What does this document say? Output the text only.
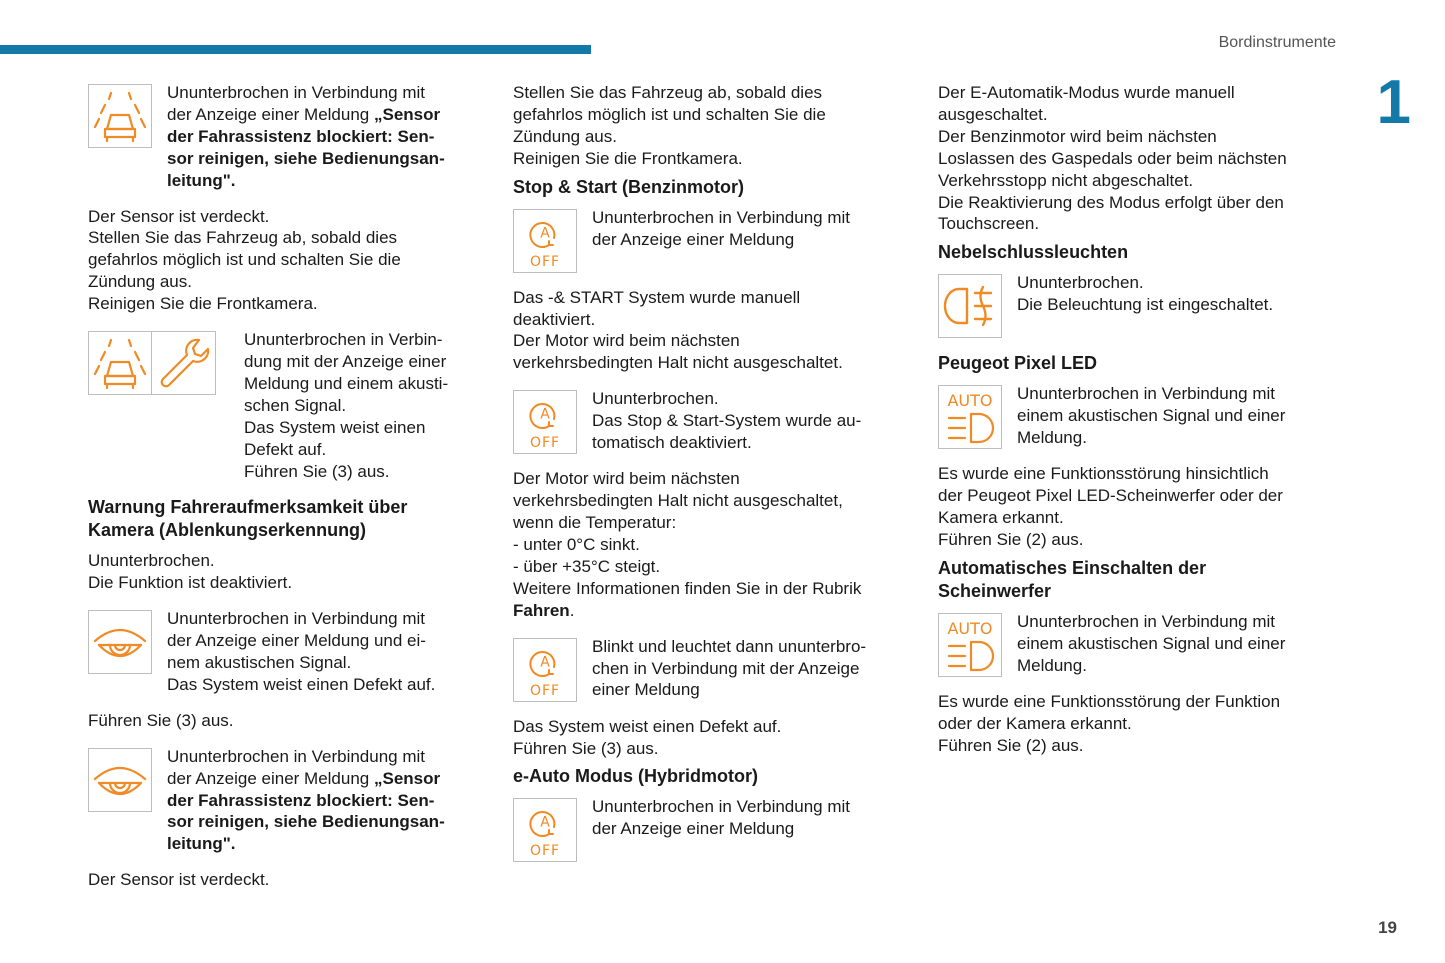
Bordinstrumente
1
19
Ununterbrochen in Verbindung mit
der Anzeige einer Meldung „Sensor
der Fahrassistenz blockiert: Sen-
sor reinigen, siehe Bedienungsan-
leitung".
Der Sensor ist verdeckt.
Stellen Sie das Fahrzeug ab, sobald dies
gefahrlos möglich ist und schalten Sie die
Zündung aus.
Reinigen Sie die Frontkamera.
Ununterbrochen in Verbin-
dung mit der Anzeige einer
Meldung und einem akusti-
schen Signal.
Das System weist einen
Defekt auf.
Führen Sie (3) aus.
Warnung Fahreraufmerksamkeit über
Kamera (Ablenkungserkennung)
Ununterbrochen.
Die Funktion ist deaktiviert.
Ununterbrochen in Verbindung mit
der Anzeige einer Meldung und ei-
nem akustischen Signal.
Das System weist einen Defekt auf.
Führen Sie (3) aus.
Ununterbrochen in Verbindung mit
der Anzeige einer Meldung „Sensor
der Fahrassistenz blockiert: Sen-
sor reinigen, siehe Bedienungsan-
leitung".
Der Sensor ist verdeckt.
Stellen Sie das Fahrzeug ab, sobald dies
gefahrlos möglich ist und schalten Sie die
Zündung aus.
Reinigen Sie die Frontkamera.
Stop & Start (Benzinmotor)
A
OFF
Ununterbrochen in Verbindung mit
der Anzeige einer Meldung
Das -& START System wurde manuell
deaktiviert.
Der Motor wird beim nächsten
verkehrsbedingten Halt nicht ausgeschaltet.
A
OFF
Ununterbrochen.
Das Stop & Start-System wurde au-
tomatisch deaktiviert.
Der Motor wird beim nächsten
verkehrsbedingten Halt nicht ausgeschaltet,
wenn die Temperatur:
- unter 0°C sinkt.
- über +35°C steigt.
Weitere Informationen finden Sie in der Rubrik
Fahren.
A
OFF
Blinkt und leuchtet dann ununterbro-
chen in Verbindung mit der Anzeige
einer Meldung
Das System weist einen Defekt auf.
Führen Sie (3) aus.
e-Auto Modus (Hybridmotor)
A
OFF
Ununterbrochen in Verbindung mit
der Anzeige einer Meldung
Der E-Automatik-Modus wurde manuell
ausgeschaltet.
Der Benzinmotor wird beim nächsten
Loslassen des Gaspedals oder beim nächsten
Verkehrsstopp nicht abgeschaltet.
Die Reaktivierung des Modus erfolgt über den
Touchscreen.
Nebelschlussleuchten
Ununterbrochen.
Die Beleuchtung ist eingeschaltet.
Peugeot Pixel LED
AUTO Ununterbrochen in Verbindung mit
einem akustischen Signal und einer
Meldung.
Es wurde eine Funktionsstörung hinsichtlich
der Peugeot Pixel LED-Scheinwerfer oder der
Kamera erkannt.
Führen Sie (2) aus.
Automatisches Einschalten der
Scheinwerfer
AUTO Ununterbrochen in Verbindung mit
einem akustischen Signal und einer
Meldung.
Es wurde eine Funktionsstörung der Funktion
oder der Kamera erkannt.
Führen Sie (2) aus.
